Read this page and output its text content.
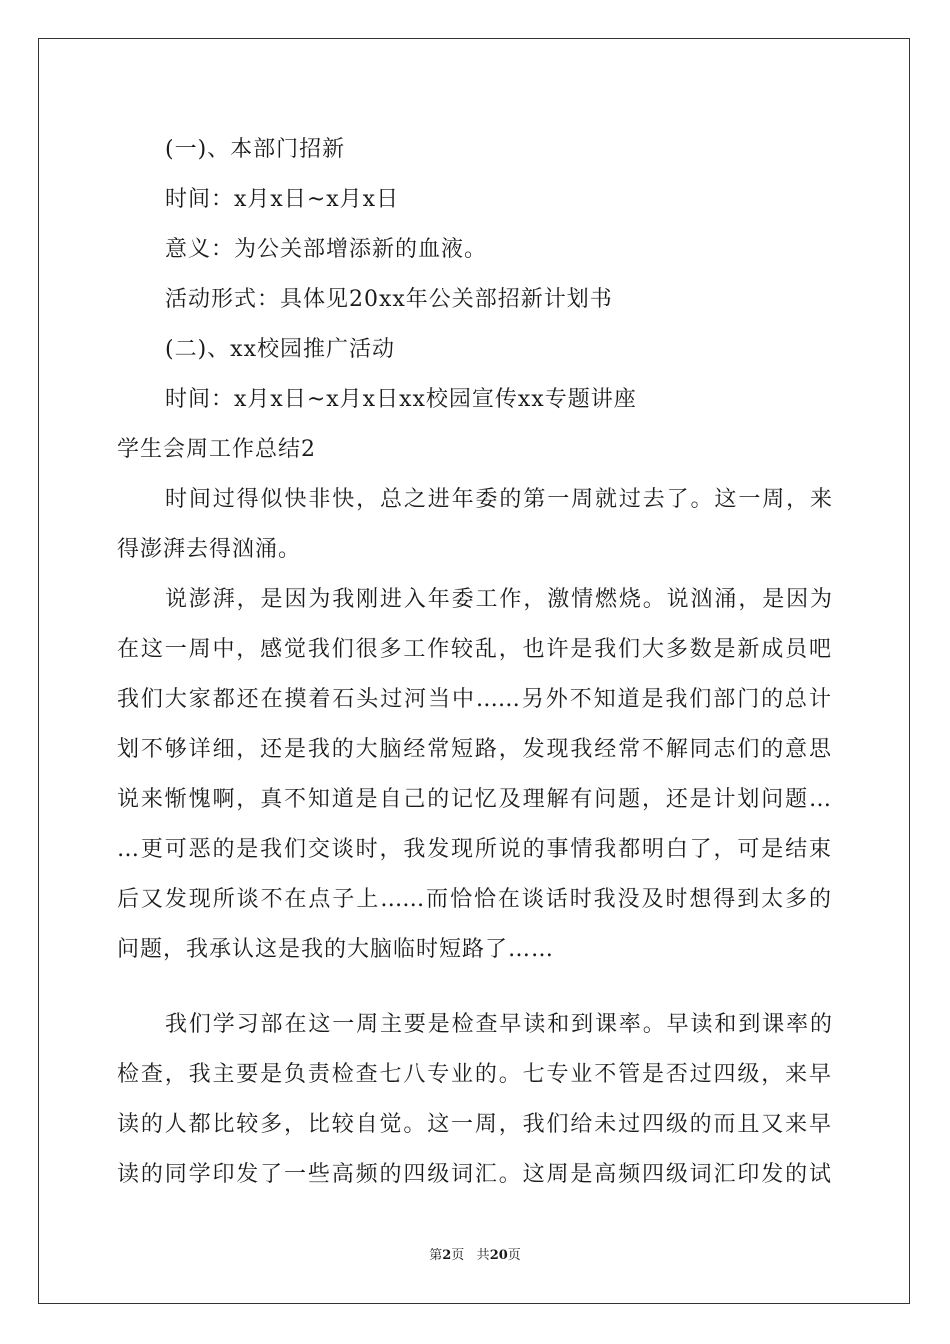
(一)、本部门招新
时间：x月x日~x月x日
意义：为公关部增添新的血液。
活动形式：具体见20xx年公关部招新计划书
(二)、xx校园推广活动
时间：x月x日~x月x日xx校园宣传xx专题讲座
学生会周工作总结2
时间过得似快非快，总之进年委的第一周就过去了。这一周，来
得澎湃去得汹涌。
说澎湃，是因为我刚进入年委工作，激情燃烧。说汹涌，是因为
在这一周中，感觉我们很多工作较乱，也许是我们大多数是新成员吧
我们大家都还在摸着石头过河当中……另外不知道是我们部门的总计
划不够详细，还是我的大脑经常短路，发现我经常不解同志们的意思
说来惭愧啊，真不知道是自己的记忆及理解有问题，还是计划问题…
…更可恶的是我们交谈时，我发现所说的事情我都明白了，可是结束
后又发现所谈不在点子上……而恰恰在谈话时我没及时想得到太多的
问题，我承认这是我的大脑临时短路了……
我们学习部在这一周主要是检查早读和到课率。早读和到课率的
检查，我主要是负责检查七八专业的。七专业不管是否过四级，来早
读的人都比较多，比较自觉。这一周，我们给未过四级的而且又来早
读的同学印发了一些高频的四级词汇。这周是高频四级词汇印发的试
第2页 共20页
